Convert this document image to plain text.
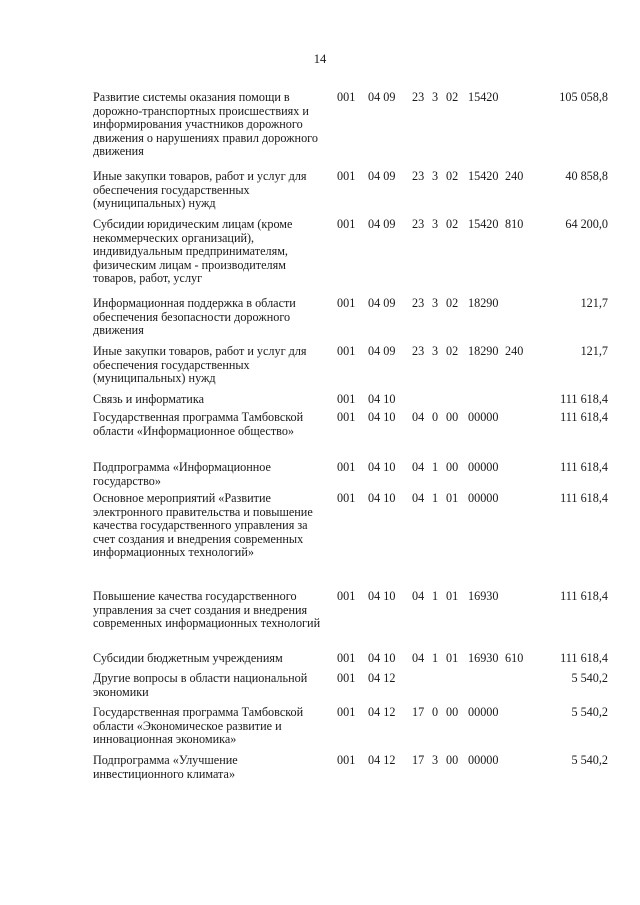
14
Развитие системы оказания помощи в дорожно-транспортных происшествиях и информирования участников дорожного движения о нарушениях правил дорожного движения
001 04 09 23 3 02 15420	105 058,8
Иные закупки товаров, работ и услуг для обеспечения государственных (муниципальных) нужд
001 04 09 23 3 02 15420 240	40 858,8
Субсидии юридическим лицам (кроме некоммерческих организаций), индивидуальным предпринимателям, физическим лицам - производителям товаров, работ, услуг
001 04 09 23 3 02 15420 810	64 200,0
Информационная поддержка в области обеспечения безопасности дорожного движения
001 04 09 23 3 02 18290	121,7
Иные закупки товаров, работ и услуг для обеспечения государственных (муниципальных) нужд
001 04 09 23 3 02 18290 240	121,7
Связь и информатика	001 04 10	111 618,4
Государственная программа Тамбовской области «Информационное общество»
001 04 10 04 0 00 00000	111 618,4
Подпрограмма «Информационное государство»
001 04 10 04 1 00 00000	111 618,4
Основное мероприятий «Развитие электронного правительства и повышение качества государственного управления за счет создания и внедрения современных информационных технологий»
001 04 10 04 1 01 00000	111 618,4
Повышение качества государственного управления за счет создания и внедрения современных информационных технологий
001 04 10 04 1 01 16930	111 618,4
Субсидии бюджетным учреждениям	001 04 10 04 1 01 16930 610	111 618,4
Другие вопросы в области национальной экономики
001 04 12	5 540,2
Государственная программа Тамбовской области «Экономическое развитие и инновационная экономика»
001 04 12 17 0 00 00000	5 540,2
Подпрограмма «Улучшение инвестиционного климата»
001 04 12 17 3 00 00000	5 540,2
